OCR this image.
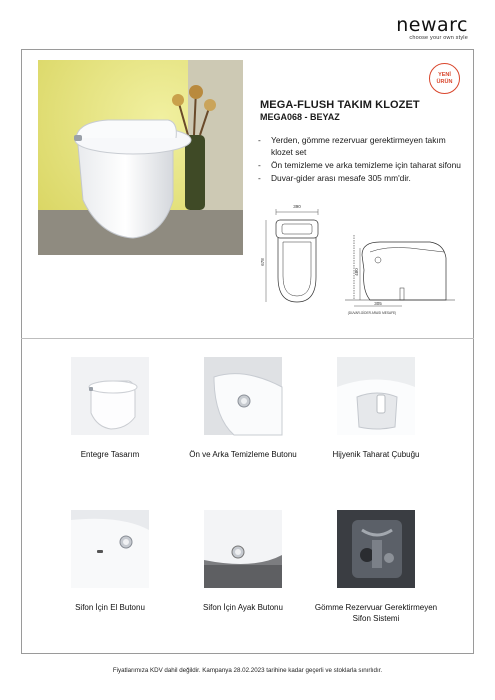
newarc
choose your own style
YENİ
ÜRÜN
MEGA-FLUSH TAKIM KLOZET
MEGA068 - BEYAZ
- Yerden, gömme rezervuar gerektirmeyen takım klozet set
- Ön temizleme ve arka temizleme için taharat sifonu
- Duvar-gider arası mesafe 305 mm'dir.
390
678
480
305
(DUVAR-GİDER ARASI MESAFE)
Entegre Tasarım	Ön ve Arka Temizleme Butonu	Hijyenik Taharat Çubuğu
Sifon İçin El Butonu	Sifon İçin Ayak Butonu	Gömme Rezervuar Gerektirmeyen Sifon Sistemi
Fiyatlarımıza KDV dahil değildir. Kampanya 28.02.2023 tarihine kadar geçerli ve stoklarla sınırlıdır.
